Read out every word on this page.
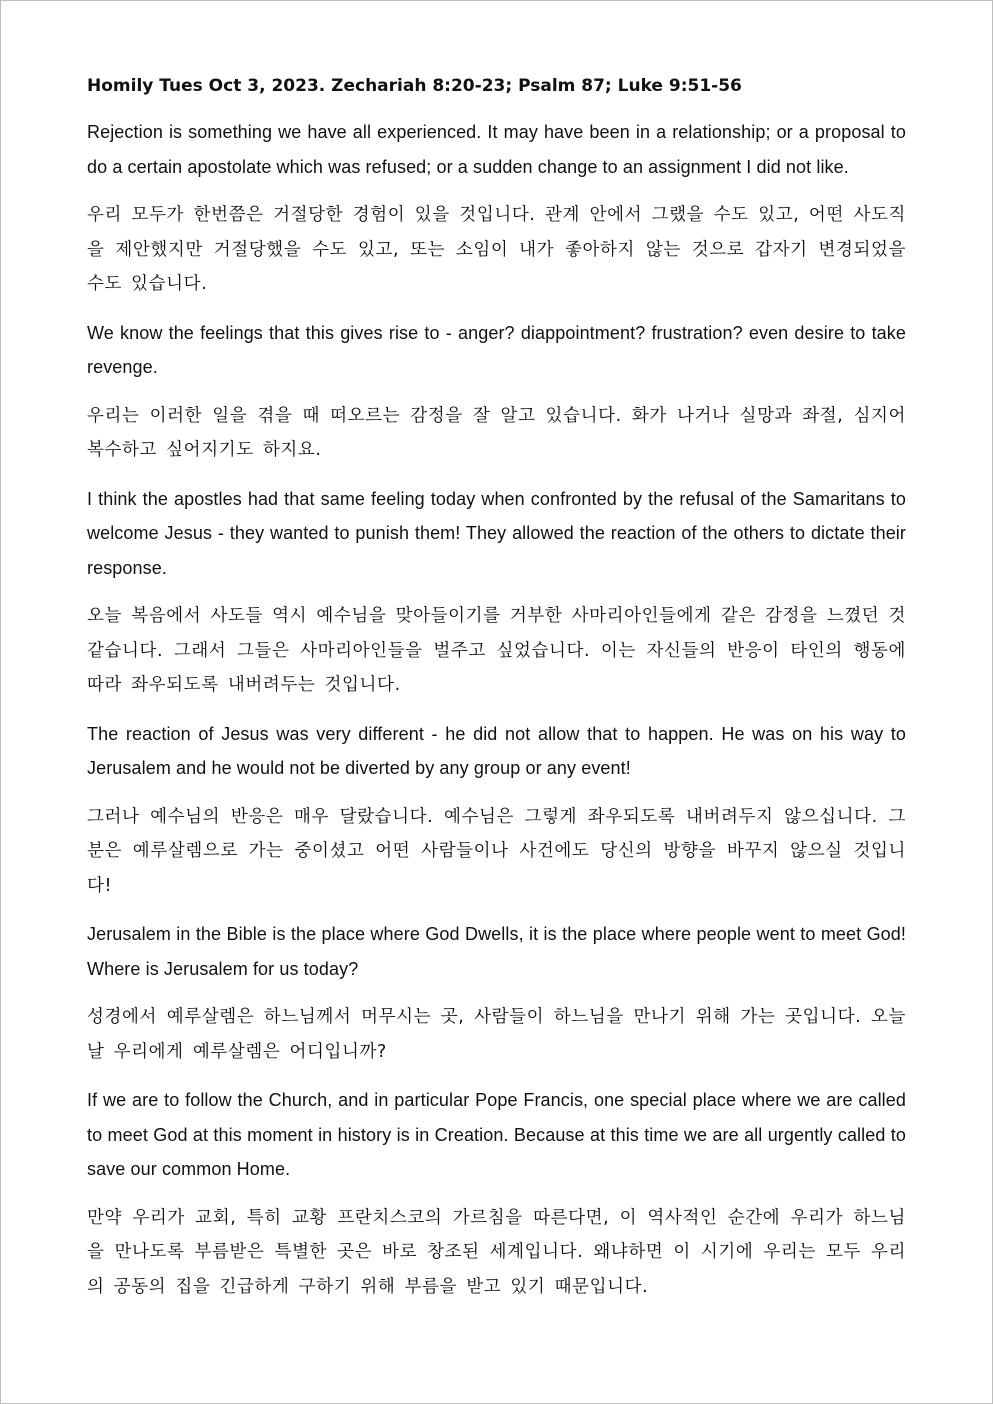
Homily Tues Oct 3, 2023. Zechariah 8:20-23; Psalm 87; Luke 9:51-56

Rejection is something we have all experienced. It may have been in a relationship; or a proposal to do a certain apostolate which was refused; or a sudden change to an assignment I did not like.

우리 모두가 한번쯤은 거절당한 경험이 있을 것입니다. 관계 안에서 그랬을 수도 있고, 어떤 사도직을 제안했지만 거절당했을 수도 있고, 또는 소임이 내가 좋아하지 않는 것으로 갑자기 변경되었을 수도 있습니다.

We know the feelings that this gives rise to - anger? diappointment? frustration? even desire to take revenge.

우리는 이러한 일을 겪을 때 떠오르는 감정을 잘 알고 있습니다. 화가 나거나 실망과 좌절, 심지어 복수하고 싶어지기도 하지요.

I think the apostles had that same feeling today when confronted by the refusal of the Samaritans to welcome Jesus - they wanted to punish them! They allowed the reaction of the others to dictate their response.

오늘 복음에서 사도들 역시 예수님을 맞아들이기를 거부한 사마리아인들에게 같은 감정을 느꼈던 것 같습니다. 그래서 그들은 사마리아인들을 벌주고 싶었습니다. 이는 자신들의 반응이 타인의 행동에 따라 좌우되도록 내버려두는 것입니다.

The reaction of Jesus was very different - he did not allow that to happen. He was on his way to Jerusalem and he would not be diverted by any group or any event!

그러나 예수님의 반응은 매우 달랐습니다. 예수님은 그렇게 좌우되도록 내버려두지 않으십니다. 그분은 예루살렘으로 가는 중이셨고 어떤 사람들이나 사건에도 당신의 방향을 바꾸지 않으실 것입니다!

Jerusalem in the Bible is the place where God Dwells, it is the place where people went to meet God! Where is Jerusalem for us today?

성경에서 예루살렘은 하느님께서 머무시는 곳, 사람들이 하느님을 만나기 위해 가는 곳입니다. 오늘날 우리에게 예루살렘은 어디입니까?

If we are to follow the Church, and in particular Pope Francis, one special place where we are called to meet God at this moment in history is in Creation. Because at this time we are all urgently called to save our common Home.

만약 우리가 교회, 특히 교황 프란치스코의 가르침을 따른다면, 이 역사적인 순간에 우리가 하느님을 만나도록 부름받은 특별한 곳은 바로 창조된 세계입니다. 왜냐하면 이 시기에 우리는 모두 우리의 공동의 집을 긴급하게 구하기 위해 부름을 받고 있기 때문입니다.
